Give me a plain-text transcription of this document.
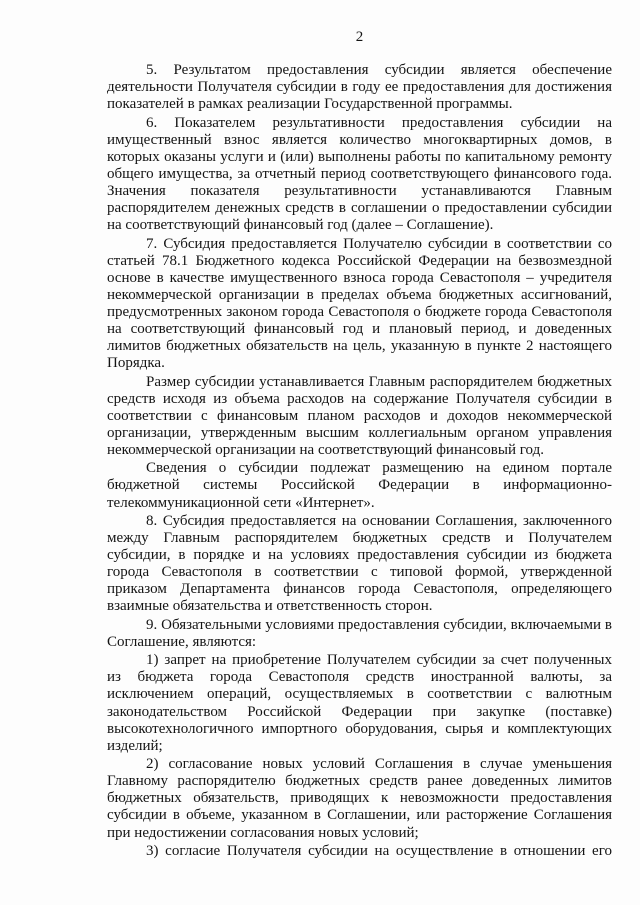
2

5. Результатом предоставления субсидии является обеспечение деятельности Получателя субсидии в году ее предоставления для достижения показателей в рамках реализации Государственной программы.

6. Показателем результативности предоставления субсидии на имущественный взнос является количество многоквартирных домов, в которых оказаны услуги и (или) выполнены работы по капитальному ремонту общего имущества, за отчетный период соответствующего финансового года. Значения показателя результативности устанавливаются Главным распорядителем денежных средств в соглашении о предоставлении субсидии на соответствующий финансовый год (далее – Соглашение).

7. Субсидия предоставляется Получателю субсидии в соответствии со статьей 78.1 Бюджетного кодекса Российской Федерации на безвозмездной основе в качестве имущественного взноса города Севастополя – учредителя некоммерческой организации в пределах объема бюджетных ассигнований, предусмотренных законом города Севастополя о бюджете города Севастополя на соответствующий финансовый год и плановый период, и доведенных лимитов бюджетных обязательств на цель, указанную в пункте 2 настоящего Порядка.

Размер субсидии устанавливается Главным распорядителем бюджетных средств исходя из объема расходов на содержание Получателя субсидии в соответствии с финансовым планом расходов и доходов некоммерческой организации, утвержденным высшим коллегиальным органом управления некоммерческой организации на соответствующий финансовый год.

Сведения о субсидии подлежат размещению на едином портале бюджетной системы Российской Федерации в информационно-телекоммуникационной сети «Интернет».

8. Субсидия предоставляется на основании Соглашения, заключенного между Главным распорядителем бюджетных средств и Получателем субсидии, в порядке и на условиях предоставления субсидии из бюджета города Севастополя в соответствии с типовой формой, утвержденной приказом Департамента финансов города Севастополя, определяющего взаимные обязательства и ответственность сторон.

9. Обязательными условиями предоставления субсидии, включаемыми в Соглашение, являются:

1) запрет на приобретение Получателем субсидии за счет полученных из бюджета города Севастополя средств иностранной валюты, за исключением операций, осуществляемых в соответствии с валютным законодательством Российской Федерации при закупке (поставке) высокотехнологичного импортного оборудования, сырья и комплектующих изделий;

2) согласование новых условий Соглашения в случае уменьшения Главному распорядителю бюджетных средств ранее доведенных лимитов бюджетных обязательств, приводящих к невозможности предоставления субсидии в объеме, указанном в Соглашении, или расторжение Соглашения при недостижении согласования новых условий;

3) согласие Получателя субсидии на осуществление в отношении его
